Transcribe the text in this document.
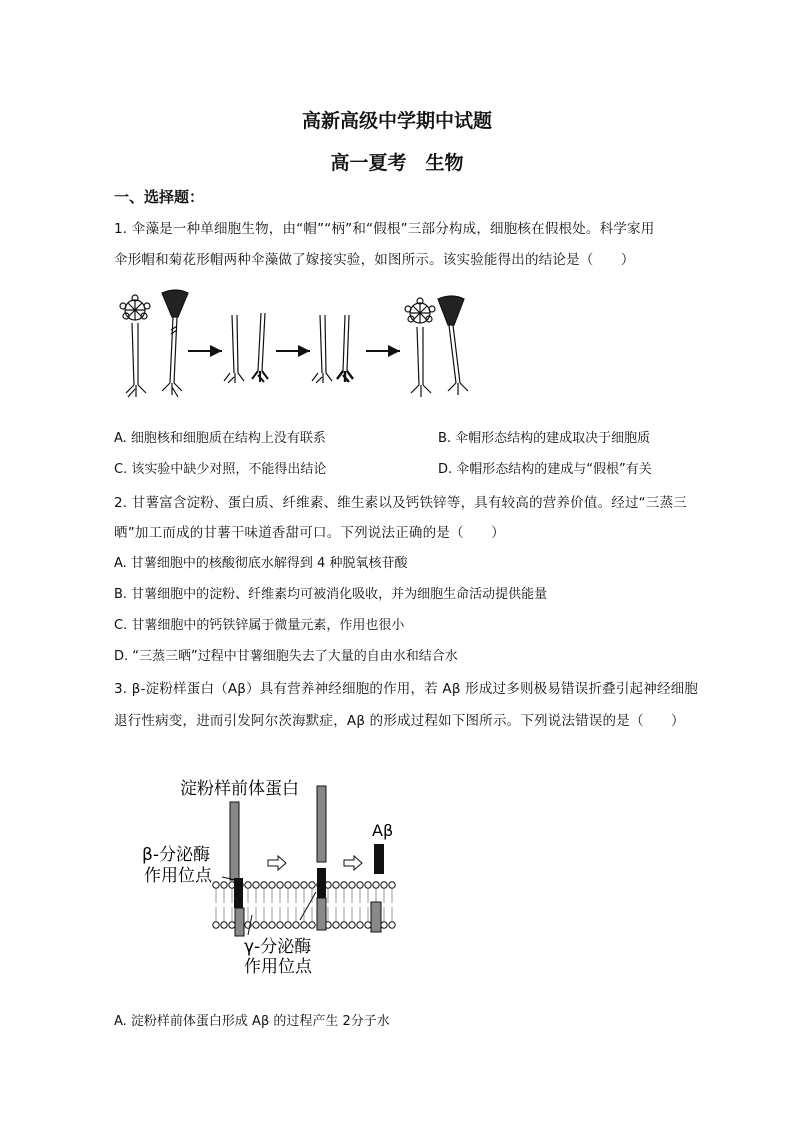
高新高级中学期中试题
高一夏考　生物
一、选择题：
1. 伞藻是一种单细胞生物，由“帽”“柄”和“假根”三部分构成，细胞核在假根处。科学家用
伞形帽和菊花形帽两种伞藻做了嫁接实验，如图所示。该实验能得出的结论是（　　）
A. 细胞核和细胞质在结构上没有联系	B. 伞帽形态结构的建成取决于细胞质
C. 该实验中缺少对照，不能得出结论	D. 伞帽形态结构的建成与“假根”有关
2. 甘薯富含淀粉、蛋白质、纤维素、维生素以及钙铁锌等，具有较高的营养价值。经过“三蒸三
晒”加工而成的甘薯干味道香甜可口。下列说法正确的是（　　）
A. 甘薯细胞中的核酸彻底水解得到 4 种脱氧核苷酸
B. 甘薯细胞中的淀粉、纤维素均可被消化吸收，并为细胞生命活动提供能量
C. 甘薯细胞中的钙铁锌属于微量元素，作用也很小
D. “三蒸三晒”过程中甘薯细胞失去了大量的自由水和结合水
3. β-淀粉样蛋白（Aβ）具有营养神经细胞的作用，若 Aβ 形成过多则极易错误折叠引起神经细胞
退行性病变，进而引发阿尔茨海默症，Aβ 的形成过程如下图所示。下列说法错误的是（　　）
淀粉样前体蛋白
β-分泌酶
作用位点
γ-分泌酶
作用位点
Aβ
A. 淀粉样前体蛋白形成 Aβ 的过程产生 2分子水
